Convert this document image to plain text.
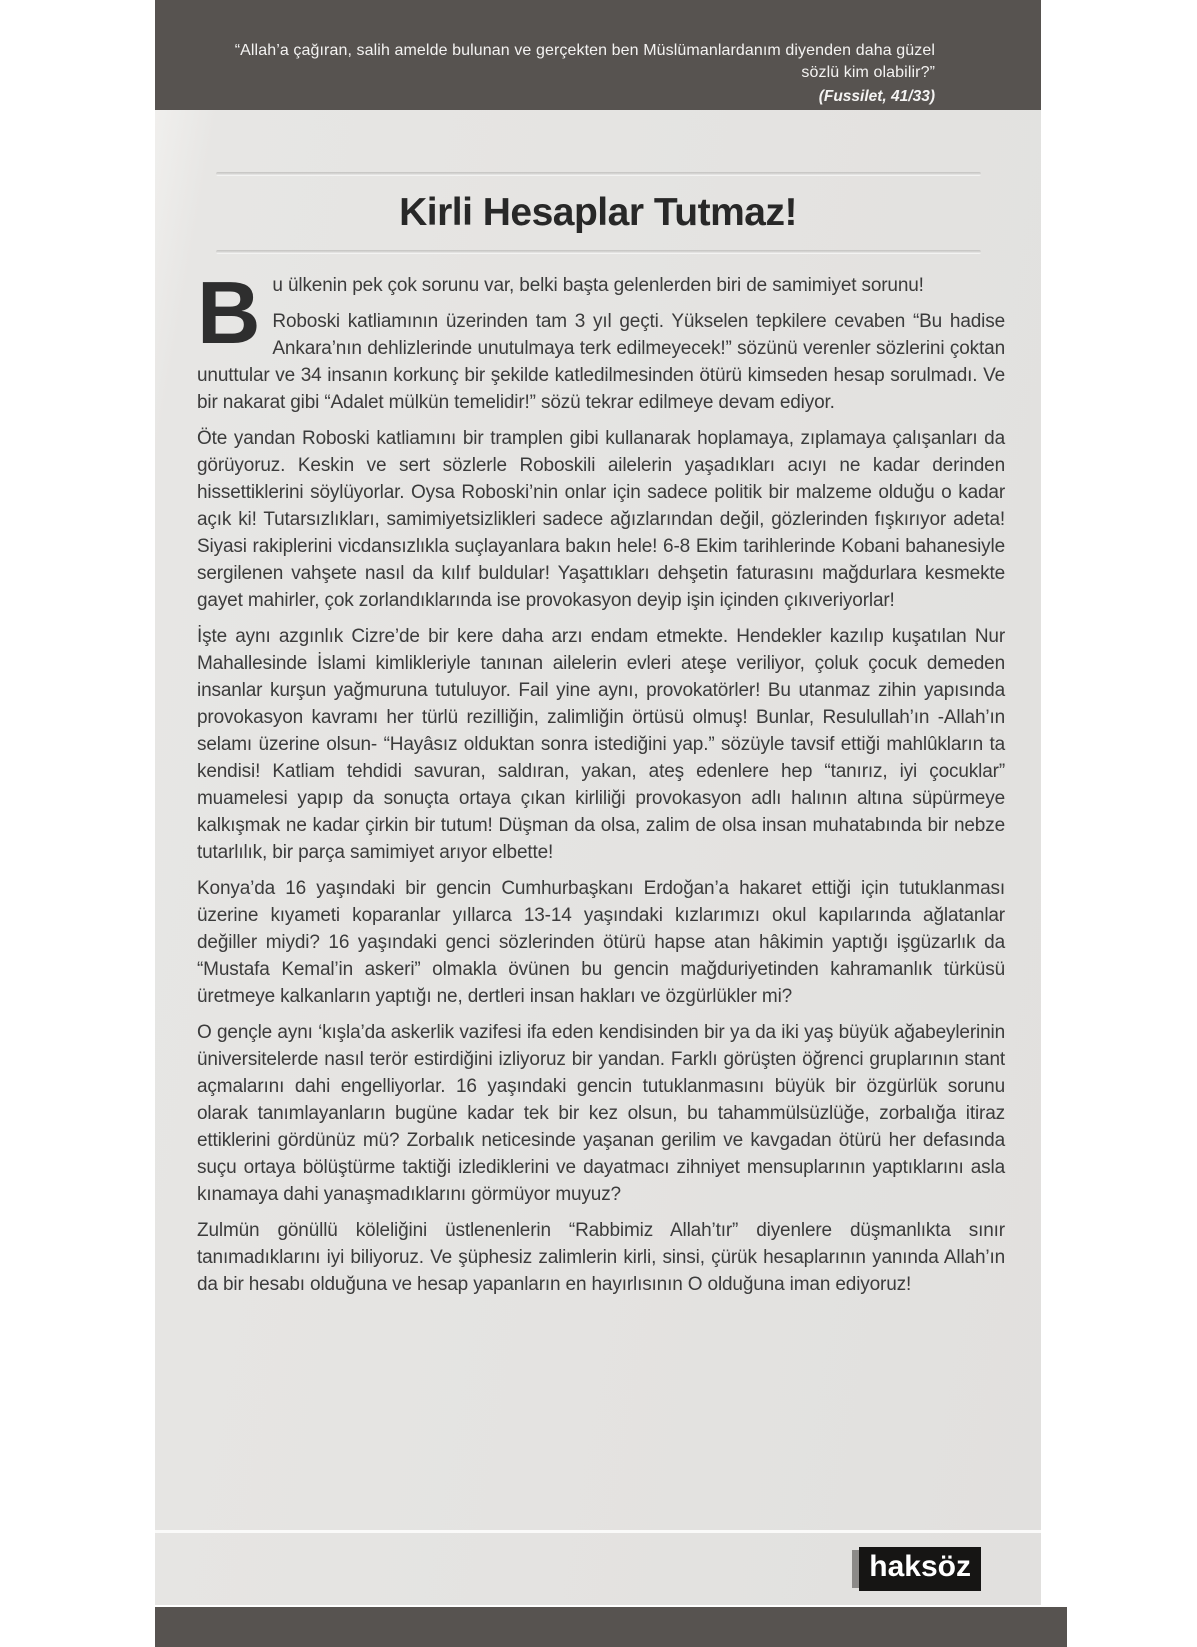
“Allah’a çağıran, salih amelde bulunan ve gerçekten ben Müslümanlardanım diyenden daha güzel sözlü kim olabilir?”

(Fussilet, 41/33)

Kirli Hesaplar Tutmaz!
B u ülkenin pek çok sorunu var, belki başta gelenlerden biri de samimiyet sorunu!

Roboski katliamının üzerinden tam 3 yıl geçti. Yükselen tepkilere cevaben “Bu hadise Ankara’nın dehlizlerinde unutulmaya terk edilmeyecek!” sözünü verenler sözlerini çoktan unuttular ve 34 insanın korkunç bir şekilde katledilmesinden ötürü kimseden hesap sorulmadı. Ve bir nakarat gibi “Adalet mülkün temelidir!” sözü tekrar edilmeye devam ediyor.

Öte yandan Roboski katliamını bir tramplen gibi kullanarak hoplamaya, zıplamaya çalışanları da görüyoruz. Keskin ve sert sözlerle Roboskili ailelerin yaşadıkları acıyı ne kadar derinden hissettiklerini söylüyorlar. Oysa Roboski’nin onlar için sadece politik bir malzeme olduğu o kadar açık ki! Tutarsızlıkları, samimiyetsizlikleri sadece ağızlarından değil, gözlerinden fışkırıyor adeta! Siyasi rakiplerini vicdansızlıkla suçlayanlara bakın hele! 6-8 Ekim tarihlerinde Kobani bahanesiyle sergilenen vahşete nasıl da kılıf buldular! Yaşattıkları dehşetin faturasını mağdurlara kesmekte gayet mahirler, çok zorlandıklarında ise provokasyon deyip işin içinden çıkıveriyorlar!

İşte aynı azgınlık Cizre’de bir kere daha arzı endam etmekte. Hendekler kazılıp kuşatılan Nur Mahallesinde İslami kimlikleriyle tanınan ailelerin evleri ateşe veriliyor, çoluk çocuk demeden insanlar kurşun yağmuruna tutuluyor. Fail yine aynı, provokatörler! Bu utanmaz zihin yapısında provokasyon kavramı her türlü rezilliğin, zalimliğin örtüsü olmuş! Bunlar, Resulullah’ın -Allah’ın selamı üzerine olsun- “Hayâsız olduktan sonra istediğini yap.” sözüyle tavsif ettiği mahlûkların ta kendisi! Katliam tehdidi savuran, saldıran, yakan, ateş edenlere hep “tanırız, iyi çocuklar” muamelesi yapıp da sonuçta ortaya çıkan kirliliği provokasyon adlı halının altına süpürmeye kalkışmak ne kadar çirkin bir tutum! Düşman da olsa, zalim de olsa insan muhatabında bir nebze tutarlılık, bir parça samimiyet arıyor elbette!

Konya’da 16 yaşındaki bir gencin Cumhurbaşkanı Erdoğan’a hakaret ettiği için tutuklanması üzerine kıyameti koparanlar yıllarca 13-14 yaşındaki kızlarımızı okul kapılarında ağlatanlar değiller miydi? 16 yaşındaki genci sözlerinden ötürü hapse atan hâkimin yaptığı işgüzarlık da “Mustafa Kemal’in askeri” olmakla övünen bu gencin mağduriyetinden kahramanlık türküsü üretmeye kalkanların yaptığı ne, dertleri insan hakları ve özgürlükler mi?

O gençle aynı ‘kışla’da askerlik vazifesi ifa eden kendisinden bir ya da iki yaş büyük ağabeylerinin üniversitelerde nasıl terör estirdiğini izliyoruz bir yandan. Farklı görüşten öğrenci gruplarının stant açmalarını dahi engelliyorlar. 16 yaşındaki gencin tutuklanmasını büyük bir özgürlük sorunu olarak tanımlayanların bugüne kadar tek bir kez olsun, bu tahammülsüzlüğe, zorbalığa itiraz ettiklerini gördünüz mü? Zorbalık neticesinde yaşanan gerilim ve kavgadan ötürü her defasında suçu ortaya bölüştürme taktiği izlediklerini ve dayatmacı zihniyet mensuplarının yaptıklarını asla kınamaya dahi yanaşmadıklarını görmüyor muyuz?

Zulmün gönüllü köleliğini üstlenenlerin “Rabbimiz Allah’tır” diyenlere düşmanlıkta sınır tanımadıklarını iyi biliyoruz. Ve şüphesiz zalimlerin kirli, sinsi, çürük hesaplarının yanında Allah’ın da bir hesabı olduğuna ve hesap yapanların en hayırlısının O olduğuna iman ediyoruz!

haksöz
